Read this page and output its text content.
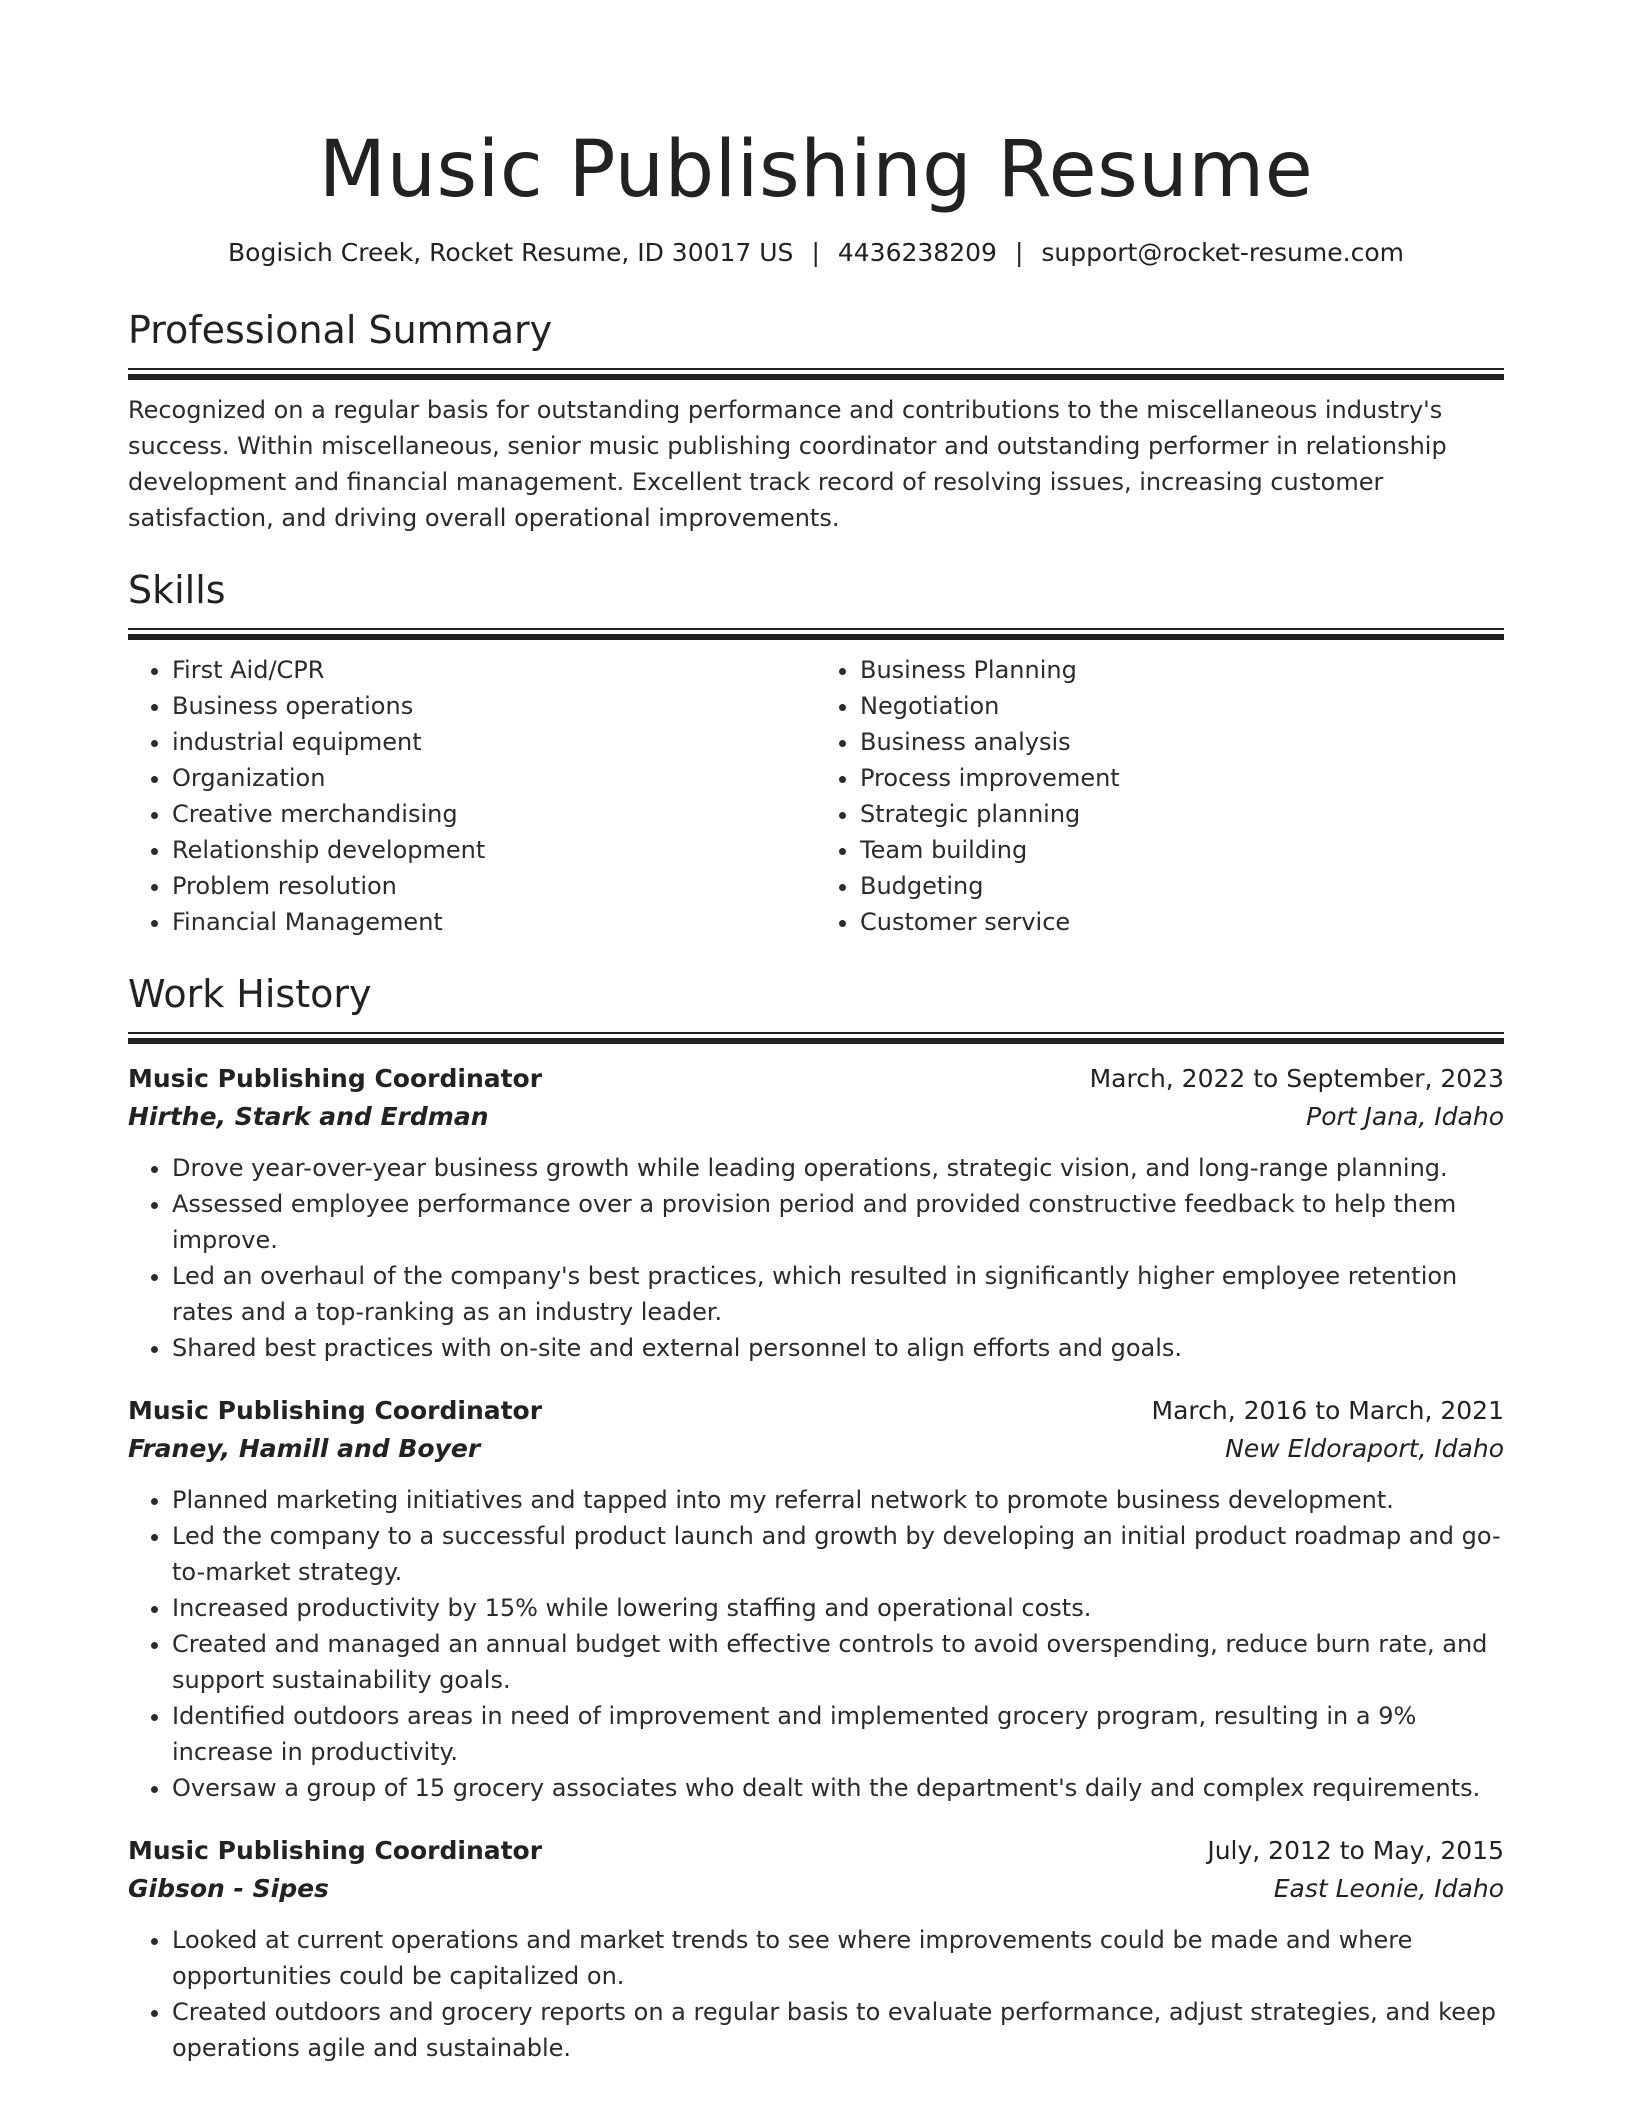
Music Publishing Resume
Bogisich Creek, Rocket Resume, ID 30017 US | 4436238209 | support@rocket-resume.com
Professional Summary

Recognized on a regular basis for outstanding performance and contributions to the miscellaneous industry's success. Within miscellaneous, senior music publishing coordinator and outstanding performer in relationship development and financial management. Excellent track record of resolving issues, increasing customer satisfaction, and driving overall operational improvements.

Skills
• First Aid/CPR
• Business operations
• industrial equipment
• Organization
• Creative merchandising
• Relationship development
• Problem resolution
• Financial Management
• Business Planning
• Negotiation
• Business analysis
• Process improvement
• Strategic planning
• Team building
• Budgeting
• Customer service
Work History
Music Publishing Coordinator	March, 2022 to September, 2023
Hirthe, Stark and Erdman	Port Jana, Idaho
• Drove year-over-year business growth while leading operations, strategic vision, and long-range planning.
• Assessed employee performance over a provision period and provided constructive feedback to help them improve.
• Led an overhaul of the company's best practices, which resulted in significantly higher employee retention rates and a top-ranking as an industry leader.
• Shared best practices with on-site and external personnel to align efforts and goals.
Music Publishing Coordinator	March, 2016 to March, 2021
Franey, Hamill and Boyer	New Eldoraport, Idaho
• Planned marketing initiatives and tapped into my referral network to promote business development.
• Led the company to a successful product launch and growth by developing an initial product roadmap and go-to-market strategy.
• Increased productivity by 15% while lowering staffing and operational costs.
• Created and managed an annual budget with effective controls to avoid overspending, reduce burn rate, and support sustainability goals.
• Identified outdoors areas in need of improvement and implemented grocery program, resulting in a 9% increase in productivity.
• Oversaw a group of 15 grocery associates who dealt with the department's daily and complex requirements.
Music Publishing Coordinator	July, 2012 to May, 2015
Gibson - Sipes	East Leonie, Idaho
• Looked at current operations and market trends to see where improvements could be made and where opportunities could be capitalized on.
• Created outdoors and grocery reports on a regular basis to evaluate performance, adjust strategies, and keep operations agile and sustainable.
